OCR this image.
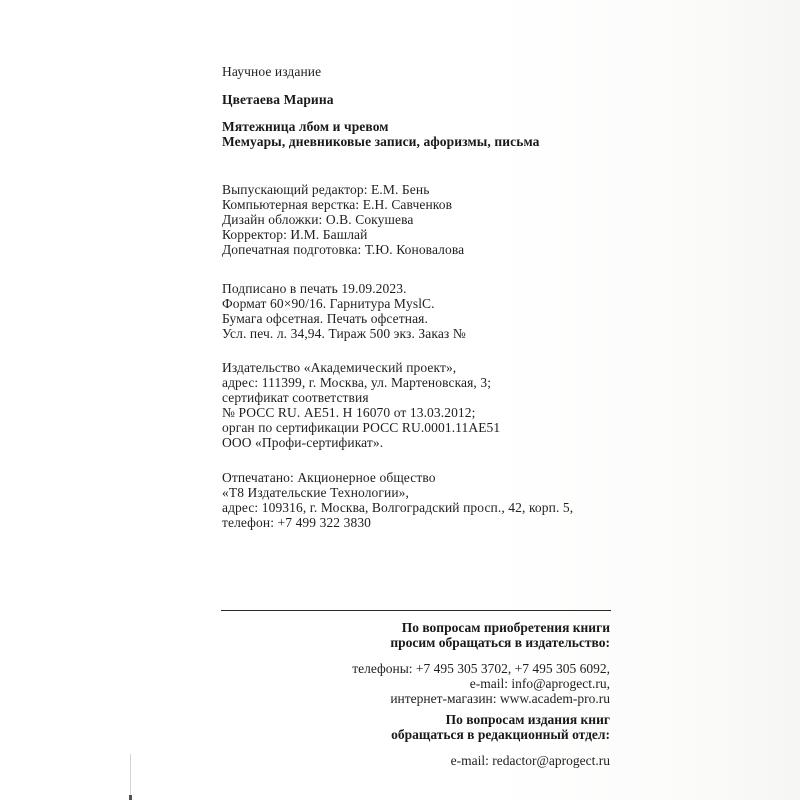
Научное издание
Цветаева Марина
Мятежница лбом и чревом
Мемуары, дневниковые записи, афоризмы, письма
Выпускающий редактор: Е.М. Бень
Компьютерная верстка: Е.Н. Савченков
Дизайн обложки: О.В. Сокушева
Корректор: И.М. Башлай
Допечатная подготовка: Т.Ю. Коновалова
Подписано в печать 19.09.2023.
Формат 60×90/16. Гарнитура MyslC.
Бумага офсетная. Печать офсетная.
Усл. печ. л. 34,94. Тираж 500 экз. Заказ №
Издательство «Академический проект»,
адрес: 111399, г. Москва, ул. Мартеновская, 3;
сертификат соответствия
№ РОСС RU. АЕ51. Н 16070 от 13.03.2012;
орган по сертификации РОСС RU.0001.11АЕ51
ООО «Профи-сертификат».
Отпечатано: Акционерное общество
«Т8 Издательские Технологии»,
адрес: 109316, г. Москва, Волгоградский просп., 42, корп. 5,
телефон: +7 499 322 3830
По вопросам приобретения книги
просим обращаться в издательство:
телефоны: +7 495 305 3702, +7 495 305 6092,
e-mail: info@aprogect.ru,
интернет-магазин: www.academ-pro.ru
По вопросам издания книг
обращаться в редакционный отдел:
e-mail: redactor@aprogect.ru
